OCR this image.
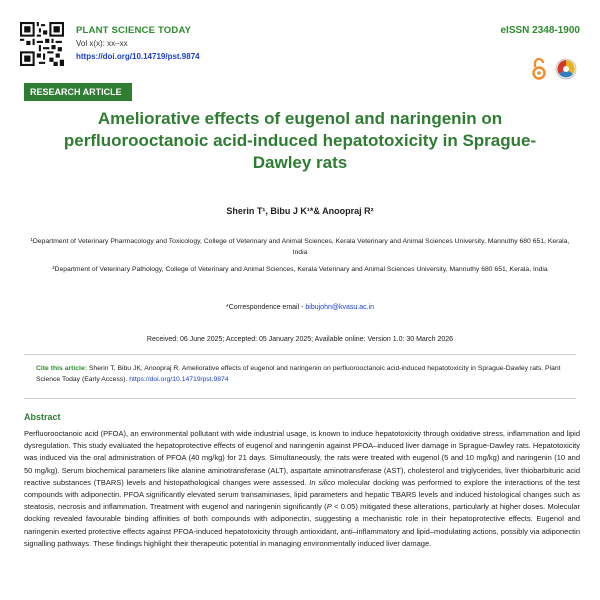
PLANT SCIENCE TODAY
Vol x(x): xx–xx
https://doi.org/10.14719/pst.9874
eISSN 2348-1900
RESEARCH ARTICLE
Ameliorative effects of eugenol and naringenin on perfluorooctanoic acid-induced hepatotoxicity in Sprague-Dawley rats
Sherin T¹, Bibu J K¹*& Anoopraj R²
¹Department of Veterinary Pharmacology and Toxicology, College of Veterinary and Animal Sciences, Kerala Veterinary and Animal Sciences University, Mannuthy 680 651, Kerala, India
²Department of Veterinary Pathology, College of Veterinary and Animal Sciences, Kerala Veterinary and Animal Sciences University, Mannuthy 680 651, Kerala, India
*Correspondence email - bibujohn@kvasu.ac.in
Received: 06 June 2025; Accepted: 05 January 2025; Available online: Version 1.0: 30 March 2026
Cite this article: Sherin T, Bibu JK, Anoopraj R. Ameliorative effects of eugenol and naringenin on perfluorooctanoic acid-induced hepatotoxicity in Sprague-Dawley rats. Plant Science Today (Early Access). https://doi.org/10.14719/pst.9874
Abstract
Perfluorooctanoic acid (PFOA), an environmental pollutant with wide industrial usage, is known to induce hepatotoxicity through oxidative stress, inflammation and lipid dysregulation. This study evaluated the hepatoprotective effects of eugenol and naringenin against PFOA–induced liver damage in Sprague-Dawley rats. Hepatotoxicity was induced via the oral administration of PFOA (40 mg/kg) for 21 days. Simultaneously, the rats were treated with eugenol (5 and 10 mg/kg) and naringenin (10 and 50 mg/kg). Serum biochemical parameters like alanine aminotransferase (ALT), aspartate aminotransferase (AST), cholesterol and triglycerides, liver thiobarbituric acid reactive substances (TBARS) levels and histopathological changes were assessed. In silico molecular docking was performed to explore the interactions of the test compounds with adiponectin. PFOA significantly elevated serum transaminases, lipid parameters and hepatic TBARS levels and induced histological changes such as steatosis, necrosis and inflammation. Treatment with eugenol and naringenin significantly (P < 0.05) mitigated these alterations, particularly at higher doses. Molecular docking revealed favourable binding affinities of both compounds with adiponectin, suggesting a mechanistic role in their hepatoprotective effects. Eugenol and naringenin exerted protective effects against PFOA-induced hepatotoxicity through antioxidant, anti–inflammatory and lipid–modulating actions, possibly via adiponectin signalling pathways. These findings highlight their therapeutic potential in managing environmentally induced liver damage.
